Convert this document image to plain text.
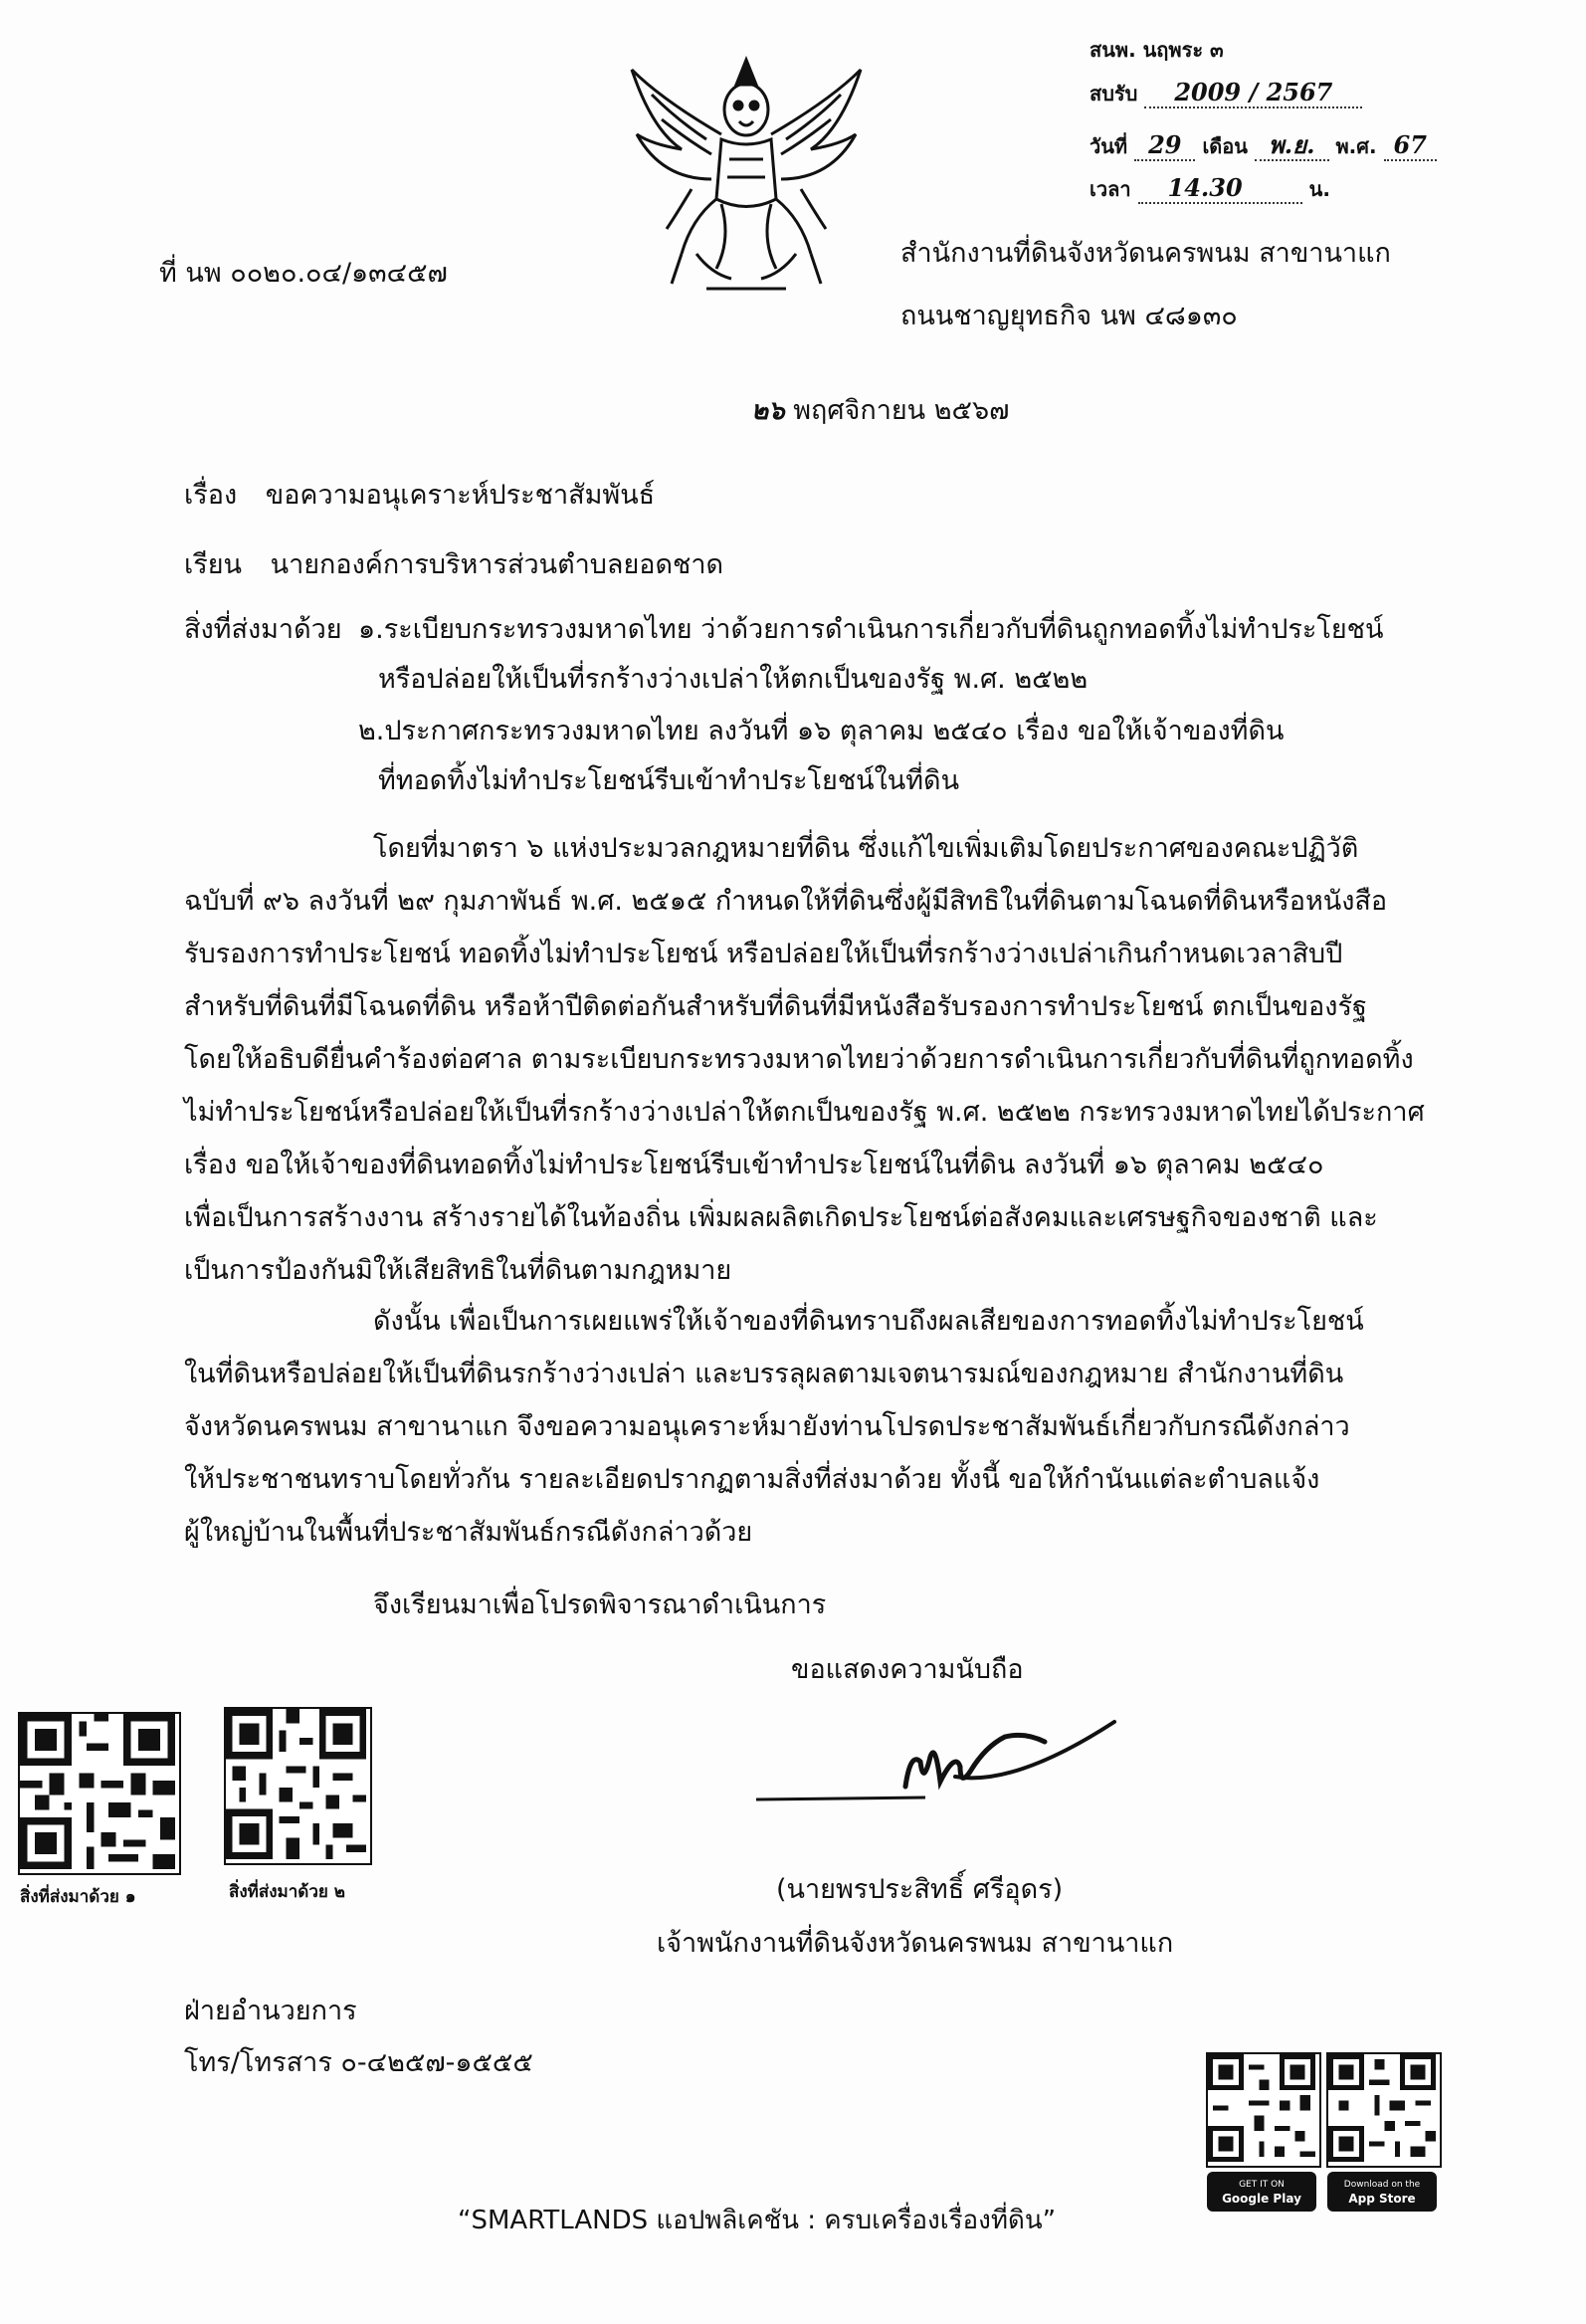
สนพ. นฤพระ ๓
สบรับ 2009 / 2567
วันที่ 29 เดือน พ.ย. พ.ศ. 67
เวลา 14.30	น.
ที่ นพ ๐๐๒๐.๐๔/๑๓๔๕๗
สำนักงานที่ดินจังหวัดนครพนม สาขานาแก
ถนนชาญยุทธกิจ นพ ๔๘๑๓๐
๒๖ พฤศจิกายน ๒๕๖๗
เรื่อง ขอความอนุเคราะห์ประชาสัมพันธ์
เรียน นายกองค์การบริหารส่วนตำบลยอดชาด
สิ่งที่ส่งมาด้วย ๑.ระเบียบกระทรวงมหาดไทย ว่าด้วยการดำเนินการเกี่ยวกับที่ดินถูกทอดทิ้งไม่ทำประโยชน์
หรือปล่อยให้เป็นที่รกร้างว่างเปล่าให้ตกเป็นของรัฐ พ.ศ. ๒๕๒๒
๒.ประกาศกระทรวงมหาดไทย ลงวันที่ ๑๖ ตุลาคม ๒๕๔๐ เรื่อง ขอให้เจ้าของที่ดิน
ที่ทอดทิ้งไม่ทำประโยชน์รีบเข้าทำประโยชน์ในที่ดิน
โดยที่มาตรา ๖ แห่งประมวลกฎหมายที่ดิน ซึ่งแก้ไขเพิ่มเติมโดยประกาศของคณะปฏิวัติ
ฉบับที่ ๙๖ ลงวันที่ ๒๙ กุมภาพันธ์ พ.ศ. ๒๕๑๕ กำหนดให้ที่ดินซึ่งผู้มีสิทธิในที่ดินตามโฉนดที่ดินหรือหนังสือ
รับรองการทำประโยชน์ ทอดทิ้งไม่ทำประโยชน์ หรือปล่อยให้เป็นที่รกร้างว่างเปล่าเกินกำหนดเวลาสิบปี
สำหรับที่ดินที่มีโฉนดที่ดิน หรือห้าปีติดต่อกันสำหรับที่ดินที่มีหนังสือรับรองการทำประโยชน์ ตกเป็นของรัฐ
โดยให้อธิบดียื่นคำร้องต่อศาล ตามระเบียบกระทรวงมหาดไทยว่าด้วยการดำเนินการเกี่ยวกับที่ดินที่ถูกทอดทิ้ง
ไม่ทำประโยชน์หรือปล่อยให้เป็นที่รกร้างว่างเปล่าให้ตกเป็นของรัฐ พ.ศ. ๒๕๒๒ กระทรวงมหาดไทยได้ประกาศ
เรื่อง ขอให้เจ้าของที่ดินทอดทิ้งไม่ทำประโยชน์รีบเข้าทำประโยชน์ในที่ดิน ลงวันที่ ๑๖ ตุลาคม ๒๕๔๐
เพื่อเป็นการสร้างงาน สร้างรายได้ในท้องถิ่น เพิ่มผลผลิตเกิดประโยชน์ต่อสังคมและเศรษฐกิจของชาติ และ
เป็นการป้องกันมิให้เสียสิทธิในที่ดินตามกฎหมาย
ดังนั้น เพื่อเป็นการเผยแพร่ให้เจ้าของที่ดินทราบถึงผลเสียของการทอดทิ้งไม่ทำประโยชน์
ในที่ดินหรือปล่อยให้เป็นที่ดินรกร้างว่างเปล่า และบรรลุผลตามเจตนารมณ์ของกฎหมาย สำนักงานที่ดิน
จังหวัดนครพนม สาขานาแก จึงขอความอนุเคราะห์มายังท่านโปรดประชาสัมพันธ์เกี่ยวกับกรณีดังกล่าว
ให้ประชาชนทราบโดยทั่วกัน รายละเอียดปรากฏตามสิ่งที่ส่งมาด้วย ทั้งนี้ ขอให้กำนันแต่ละตำบลแจ้ง
ผู้ใหญ่บ้านในพื้นที่ประชาสัมพันธ์กรณีดังกล่าวด้วย
จึงเรียนมาเพื่อโปรดพิจารณาดำเนินการ
ขอแสดงความนับถือ
(นายพรประสิทธิ์ ศรีอุดร)
เจ้าพนักงานที่ดินจังหวัดนครพนม สาขานาแก
สิ่งที่ส่งมาด้วย ๑	สิ่งที่ส่งมาด้วย ๒
ฝ่ายอำนวยการ
โทร/โทรสาร ๐-๔๒๕๗-๑๕๕๕
GET IT ON
Google Play
Download on the
App Store
“SMARTLANDS แอปพลิเคชัน : ครบเครื่องเรื่องที่ดิน”
